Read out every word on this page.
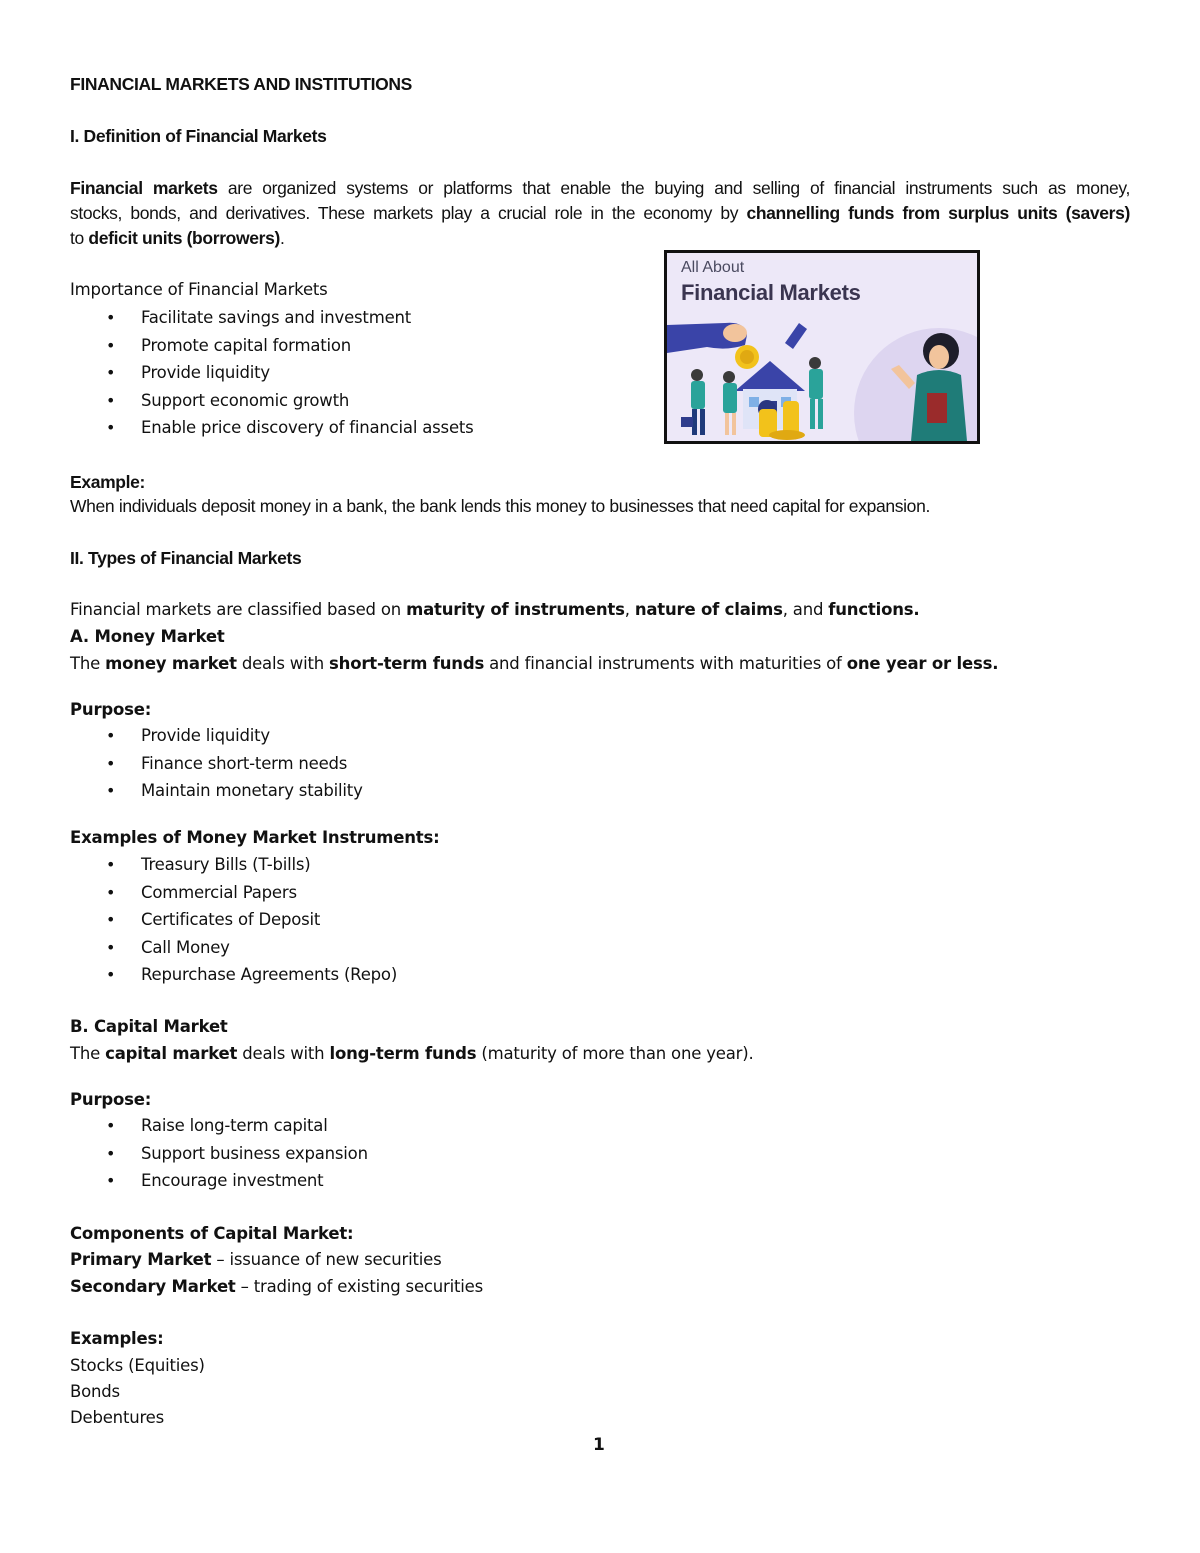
FINANCIAL MARKETS AND INSTITUTIONS
I. Definition of Financial Markets
Financial markets are organized systems or platforms that enable the buying and selling of financial instruments such as money,
stocks, bonds, and derivatives. These markets play a crucial role in the economy by channelling funds from surplus units (savers)
to deficit units (borrowers).
Importance of Financial Markets
• Facilitate savings and investment
• Promote capital formation
• Provide liquidity
• Support economic growth
• Enable price discovery of financial assets
Example:
When individuals deposit money in a bank, the bank lends this money to businesses that need capital for expansion.
II. Types of Financial Markets
Financial markets are classified based on maturity of instruments, nature of claims, and functions.
A. Money Market
The money market deals with short-term funds and financial instruments with maturities of one year or less.
Purpose:
• Provide liquidity
• Finance short-term needs
• Maintain monetary stability
Examples of Money Market Instruments:
• Treasury Bills (T-bills)
• Commercial Papers
• Certificates of Deposit
• Call Money
• Repurchase Agreements (Repo)
B. Capital Market
The capital market deals with long-term funds (maturity of more than one year).
Purpose:
• Raise long-term capital
• Support business expansion
• Encourage investment
Components of Capital Market:
Primary Market – issuance of new securities
Secondary Market – trading of existing securities
Examples:
Stocks (Equities)
Bonds
Debentures
All About
Financial Markets
1
